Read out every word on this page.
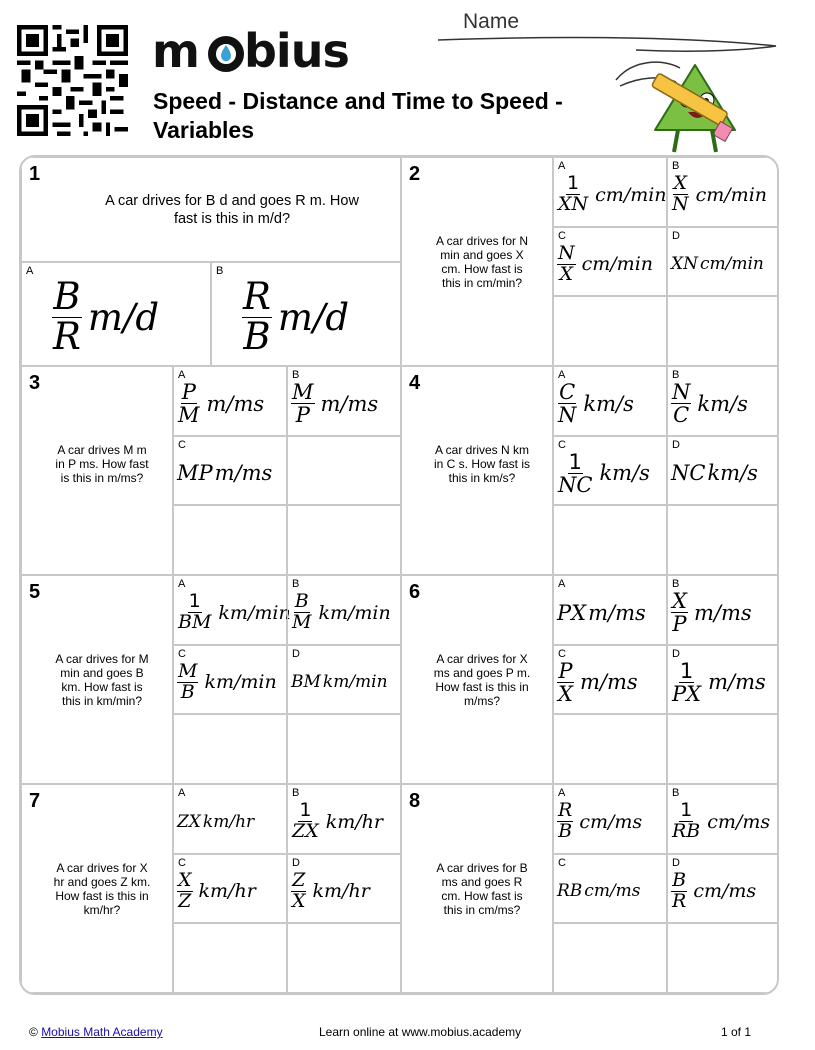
m bius
Speed - Distance and Time to Speed - Variables
Name
1
A car drives for B d and goes R m. How fast is this in m/d?
A
$\frac{B}{R} m/d$
B
$\frac{R}{B} m/d$
2
A car drives for N min and goes X cm. How fast is this in cm/min?
A
$\frac{1}{XN} cm/\min$
B
$\frac{X}{N} cm/\min$
C
$\frac{N}{X} cm/\min$
D
XN cm/min
3
A car drives M m in P ms. How fast is this in m/ms?
A
$\frac{P}{M} m/ms$
B
$\frac{M}{P} m/ms$
C
MP m/ms
4
A car drives N km in C s. How fast is this in km/s?
A
$\frac{C}{N} km/s$
B
$\frac{N}{C} km/s$
C
$\frac{1}{NC} km/s$
D
NC km/s
5
A car drives for M min and goes B km. How fast is this in km/min?
A
$\frac{1}{BM} km/\min$
B
$\frac{B}{M} km/\min$
C
$\frac{M}{B} km/\min$
D
BM km/min
6
A car drives for X ms and goes P m. How fast is this in m/ms?
A
PX m/ms
B
$\frac{X}{P} m/ms$
C
$\frac{P}{X} m/ms$
D
$\frac{1}{PX} m/ms$
7
A car drives for X hr and goes Z km. How fast is this in km/hr?
A
ZX km/hr
B
$\frac{1}{ZX} km/hr$
C
$\frac{X}{Z} km/hr$
D
$\frac{Z}{X} km/hr$
8
A car drives for B ms and goes R cm. How fast is this in cm/ms?
A
$\frac{R}{B} cm/ms$
B
$\frac{1}{RB} cm/ms$
C
RB cm/ms
D
$\frac{B}{R} cm/ms$
© Mobius Math Academy	Learn online at www.mobius.academy	1 of 1
